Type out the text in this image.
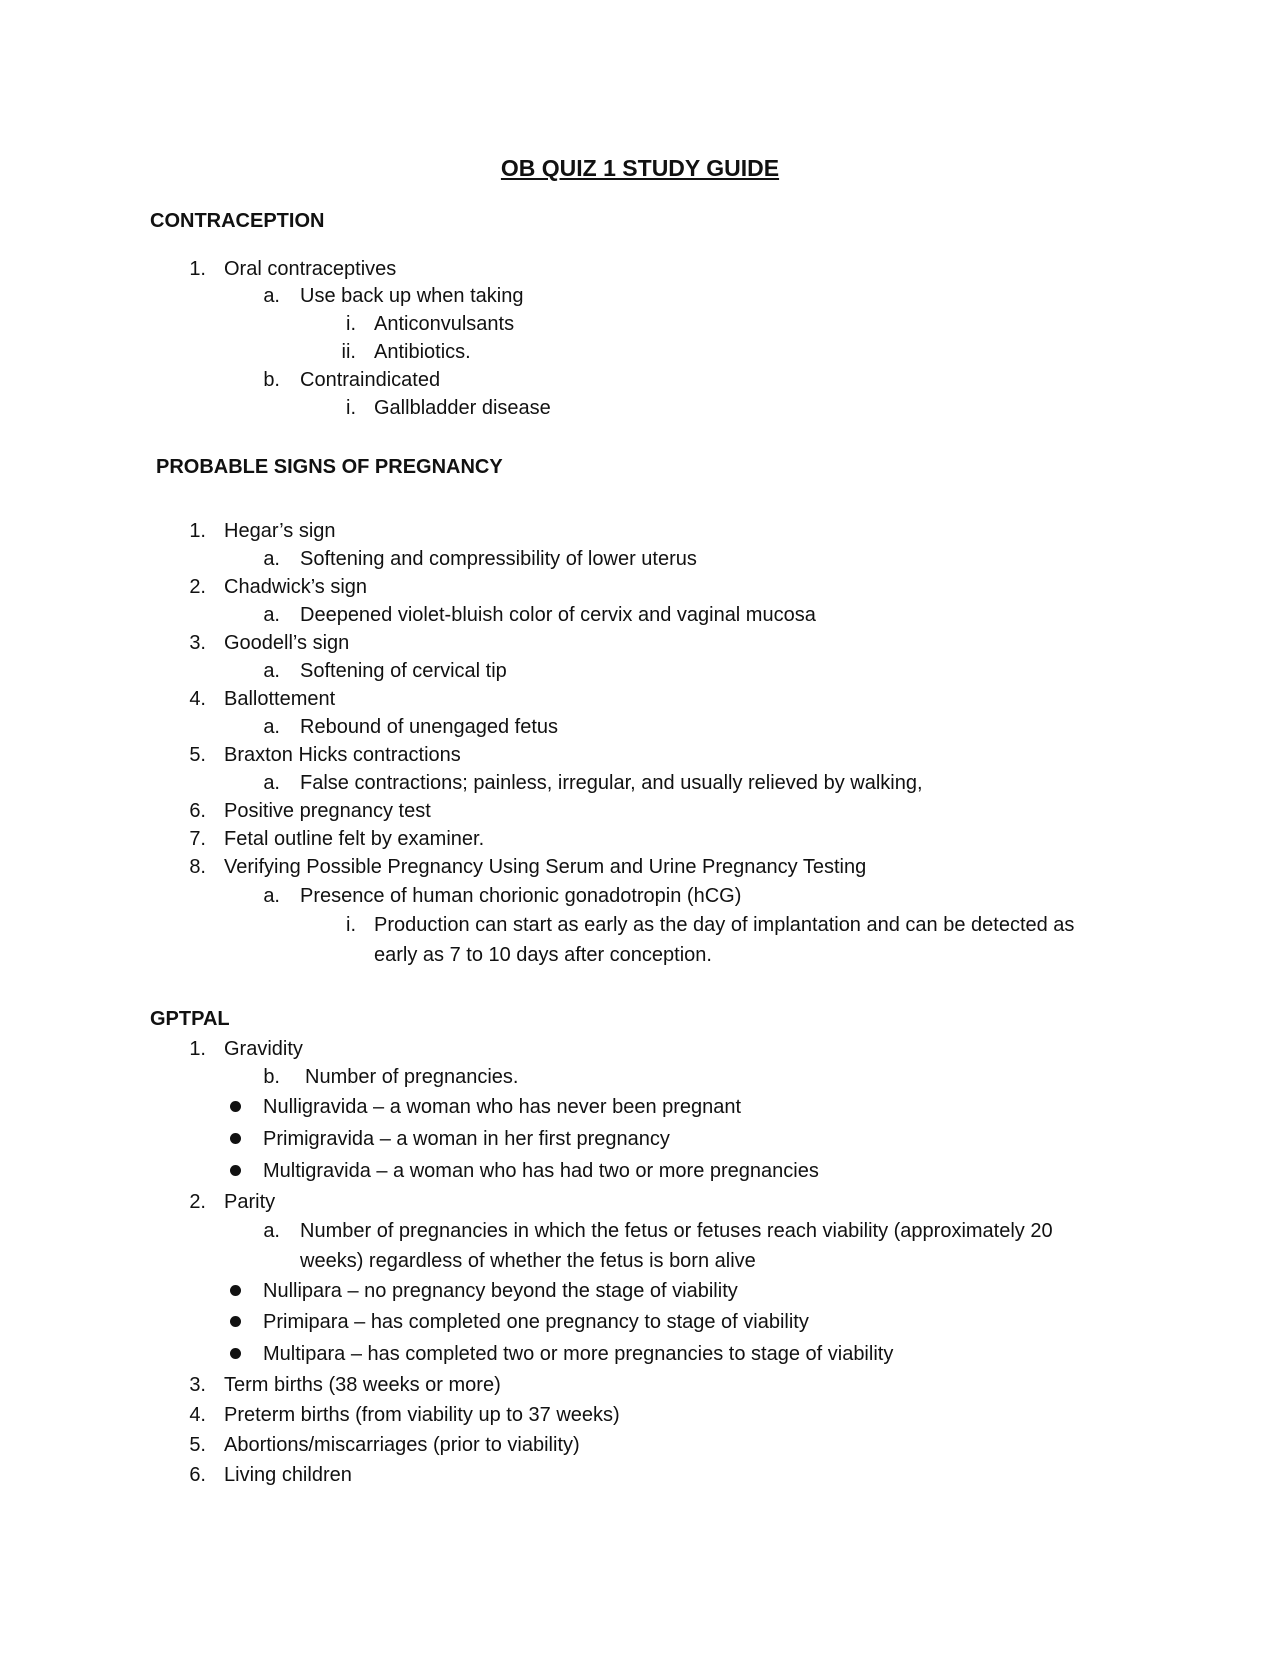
OB QUIZ 1 STUDY GUIDE
CONTRACEPTION
1. Oral contraceptives
a. Use back up when taking
i. Anticonvulsants
ii. Antibiotics.
b. Contraindicated
i. Gallbladder disease
PROBABLE SIGNS OF PREGNANCY
1. Hegar’s sign
a. Softening and compressibility of lower uterus
2. Chadwick’s sign
a. Deepened violet-bluish color of cervix and vaginal mucosa
3. Goodell’s sign
a. Softening of cervical tip
4. Ballottement
a. Rebound of unengaged fetus
5. Braxton Hicks contractions
a. False contractions; painless, irregular, and usually relieved by walking,
6. Positive pregnancy test
7. Fetal outline felt by examiner.
8. Verifying Possible Pregnancy Using Serum and Urine Pregnancy Testing
a. Presence of human chorionic gonadotropin (hCG)
i. Production can start as early as the day of implantation and can be detected as
early as 7 to 10 days after conception.
GPTPAL
1. Gravidity
b. Number of pregnancies.
Nulligravida – a woman who has never been pregnant
Primigravida – a woman in her first pregnancy
Multigravida – a woman who has had two or more pregnancies
2. Parity
a. Number of pregnancies in which the fetus or fetuses reach viability (approximately 20
weeks) regardless of whether the fetus is born alive
Nullipara – no pregnancy beyond the stage of viability
Primipara – has completed one pregnancy to stage of viability
Multipara – has completed two or more pregnancies to stage of viability
3. Term births (38 weeks or more)
4. Preterm births (from viability up to 37 weeks)
5. Abortions/miscarriages (prior to viability)
6. Living children
